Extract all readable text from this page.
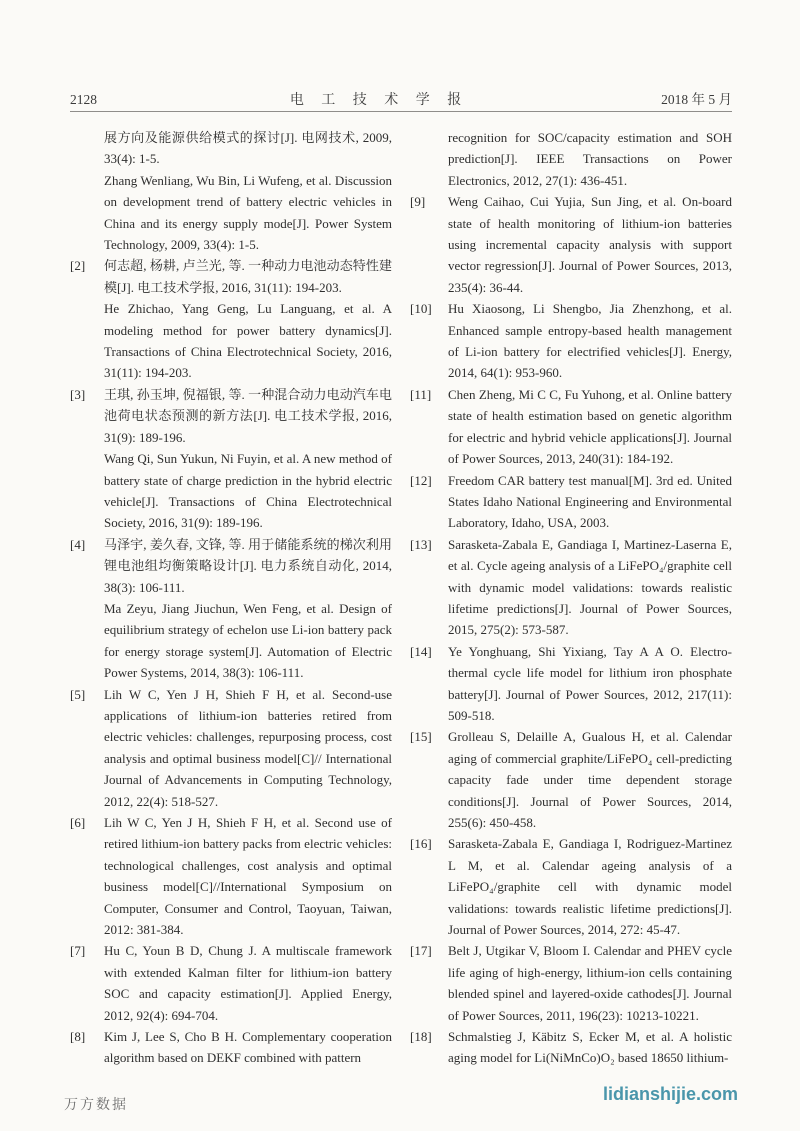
2128	电 工 技 术 学 报	2018 年 5 月
展方向及能源供给模式的探讨[J]. 电网技术, 2009, 33(4): 1-5.
Zhang Wenliang, Wu Bin, Li Wufeng, et al. Discussion on development trend of battery electric vehicles in China and its energy supply mode[J]. Power System Technology, 2009, 33(4): 1-5.
[2] 何志超, 杨耕, 卢兰光, 等. 一种动力电池动态特性建模[J]. 电工技术学报, 2016, 31(11): 194-203.
He Zhichao, Yang Geng, Lu Languang, et al. A modeling method for power battery dynamics[J]. Transactions of China Electrotechnical Society, 2016, 31(11): 194-203.
[3] 王琪, 孙玉坤, 倪福银, 等. 一种混合动力电动汽车电池荷电状态预测的新方法[J]. 电工技术学报, 2016, 31(9): 189-196.
Wang Qi, Sun Yukun, Ni Fuyin, et al. A new method of battery state of charge prediction in the hybrid electric vehicle[J]. Transactions of China Electrotechnical Society, 2016, 31(9): 189-196.
[4] 马泽宇, 姜久春, 文锋, 等. 用于储能系统的梯次利用锂电池组均衡策略设计[J]. 电力系统自动化, 2014, 38(3): 106-111.
Ma Zeyu, Jiang Jiuchun, Wen Feng, et al. Design of equilibrium strategy of echelon use Li-ion battery pack for energy storage system[J]. Automation of Electric Power Systems, 2014, 38(3): 106-111.
[5] Lih W C, Yen J H, Shieh F H, et al. Second-use applications of lithium-ion batteries retired from electric vehicles: challenges, repurposing process, cost analysis and optimal business model[C]// International Journal of Advancements in Computing Technology, 2012, 22(4): 518-527.
[6] Lih W C, Yen J H, Shieh F H, et al. Second use of retired lithium-ion battery packs from electric vehicles: technological challenges, cost analysis and optimal business model[C]//International Symposium on Computer, Consumer and Control, Taoyuan, Taiwan, 2012: 381-384.
[7] Hu C, Youn B D, Chung J. A multiscale framework with extended Kalman filter for lithium-ion battery SOC and capacity estimation[J]. Applied Energy, 2012, 92(4): 694-704.
[8] Kim J, Lee S, Cho B H. Complementary cooperation algorithm based on DEKF combined with pattern
recognition for SOC/capacity estimation and SOH prediction[J]. IEEE Transactions on Power Electronics, 2012, 27(1): 436-451.
[9] Weng Caihao, Cui Yujia, Sun Jing, et al. On-board state of health monitoring of lithium-ion batteries using incremental capacity analysis with support vector regression[J]. Journal of Power Sources, 2013, 235(4): 36-44.
[10] Hu Xiaosong, Li Shengbo, Jia Zhenzhong, et al. Enhanced sample entropy-based health management of Li-ion battery for electrified vehicles[J]. Energy, 2014, 64(1): 953-960.
[11] Chen Zheng, Mi C C, Fu Yuhong, et al. Online battery state of health estimation based on genetic algorithm for electric and hybrid vehicle applications[J]. Journal of Power Sources, 2013, 240(31): 184-192.
[12] Freedom CAR battery test manual[M]. 3rd ed. United States Idaho National Engineering and Environmental Laboratory, Idaho, USA, 2003.
[13] Sarasketa-Zabala E, Gandiaga I, Martinez-Laserna E, et al. Cycle ageing analysis of a LiFePO₄/graphite cell with dynamic model validations: towards realistic lifetime predictions[J]. Journal of Power Sources, 2015, 275(2): 573-587.
[14] Ye Yonghuang, Shi Yixiang, Tay A A O. Electro-thermal cycle life model for lithium iron phosphate battery[J]. Journal of Power Sources, 2012, 217(11): 509-518.
[15] Grolleau S, Delaille A, Gualous H, et al. Calendar aging of commercial graphite/LiFePO₄ cell-predicting capacity fade under time dependent storage conditions[J]. Journal of Power Sources, 2014, 255(6): 450-458.
[16] Sarasketa-Zabala E, Gandiaga I, Rodriguez-Martinez L M, et al. Calendar ageing analysis of a LiFePO₄/graphite cell with dynamic model validations: towards realistic lifetime predictions[J]. Journal of Power Sources, 2014, 272: 45-47.
[17] Belt J, Utgikar V, Bloom I. Calendar and PHEV cycle life aging of high-energy, lithium-ion cells containing blended spinel and layered-oxide cathodes[J]. Journal of Power Sources, 2011, 196(23): 10213-10221.
[18] Schmalstieg J, Käbitz S, Ecker M, et al. A holistic aging model for Li(NiMnCo)O₂ based 18650 lithium-
万方数据	lidianshijie.com
